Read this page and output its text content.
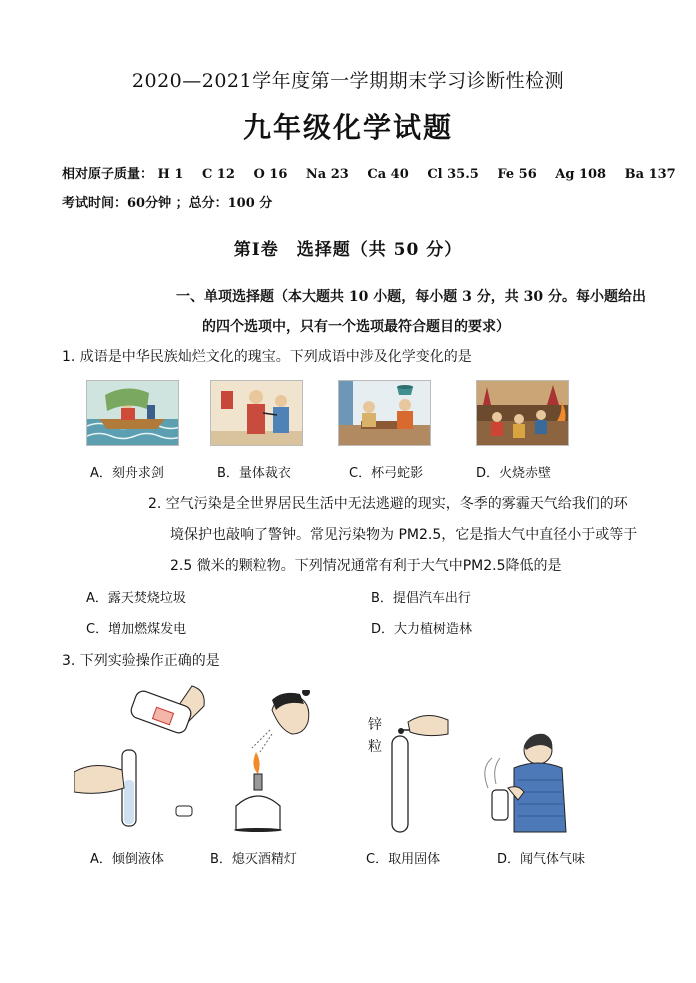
2020—2021学年度第一学期期末学习诊断性检测
九年级化学试题
相对原子质量： H 1 C 12 O 16 Na 23 Ca 40 Cl 35.5 Fe 56 Ag 108 Ba 137
考试时间：60分钟 ；总分：100 分
第Ⅰ卷　选择题（共 50 分）
一、单项选择题（本大题共 10 小题，每小题 3 分，共 30 分。每小题给出
的四个选项中，只有一个选项最符合题目的要求）
1. 成语是中华民族灿烂文化的瑰宝。下列成语中涉及化学变化的是
A．刻舟求剑	B．量体裁衣	C．杯弓蛇影	D．火烧赤壁
2. 空气污染是全世界居民生活中无法逃避的现实，冬季的雾霾天气给我们的环
境保护也敲响了警钟。常见污染物为 PM2.5，它是指大气中直径小于或等于
2.5 微米的颗粒物。下列情况通常有利于大气中PM2.5降低的是
A．露天焚烧垃圾	B．提倡汽车出行
C．增加燃煤发电	D．大力植树造林
3. 下列实验操作正确的是
锌
粒
A．倾倒液体	B．熄灭酒精灯	C．取用固体	D．闻气体气味
